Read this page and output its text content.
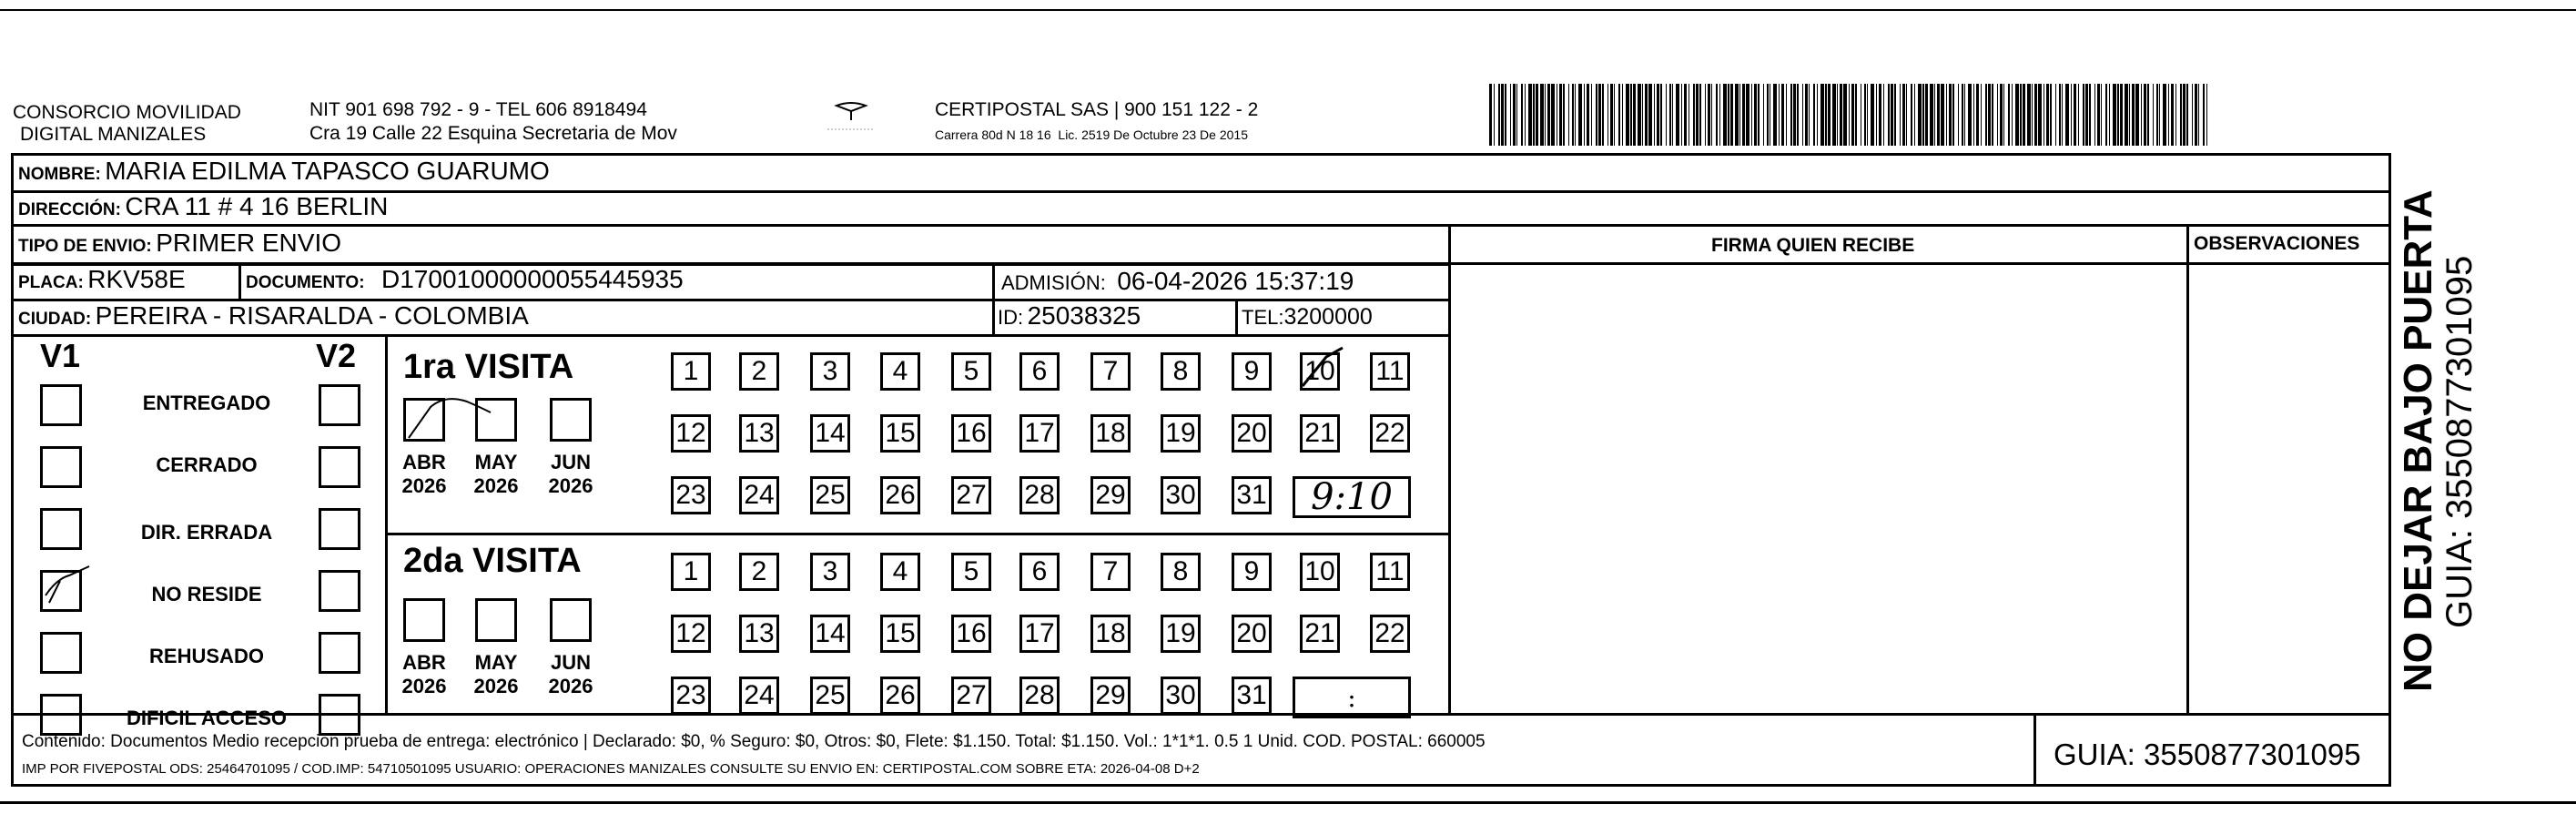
CONSORCIO MOVILIDAD
DIGITAL MANIZALES
NIT 901 698 792 - 9 - TEL 606 8918494
Cra 19 Calle 22 Esquina Secretaria de Mov
CERTIPOSTAL SAS | 900 151 122 - 2
Carrera 80d N 18 16  Lic. 2519 De Octubre 23 De 2015
NOMBRE: MARIA EDILMA TAPASCO GUARUMO
DIRECCIÓN: CRA 11 # 4 16 BERLIN
TIPO DE ENVIO: PRIMER ENVIO	FIRMA QUIEN RECIBE	OBSERVACIONES
PLACA: RKV58E	DOCUMENTO: D17001000000055445935	ADMISIÓN: 06-04-2026 15:37:19
CIUDAD: PEREIRA - RISARALDA - COLOMBIA	ID: 25038325	TEL:3200000
V1	V2
ENTREGADO
CERRADO
DIR. ERRADA
NO RESIDE
REHUSADO
DIFICIL ACCESO
1ra VISITA
2da VISITA
ABR
2026
MAY
2026
JUN
2026
1	2	3	4	5	6	7	8	9	10 11
12 13 14 15 16 17 18 19 20 21 22
23 24 25 26 27 28 29 30 31	9:10
ABR
2026
MAY
2026
JUN
2026
1	2	3	4	5	6	7	8	9	10 11
12 13 14 15 16 17 18 19 20 21 22
23 24 25 26 27 28 29 30 31	:
Contenido: Documentos Medio recepcion prueba de entrega: electrónico | Declarado: $0, % Seguro: $0, Otros: $0, Flete: $1.150. Total: $1.150. Vol.: 1*1*1. 0.5 1 Unid. COD. POSTAL: 660005
IMP POR FIVEPOSTAL ODS: 25464701095 / COD.IMP: 54710501095 USUARIO: OPERACIONES MANIZALES CONSULTE SU ENVIO EN: CERTIPOSTAL.COM SOBRE ETA: 2026-04-08 D+2	GUIA: 3550877301095
NO DEJAR BAJO PUERTA GUIA: 3550877301095
